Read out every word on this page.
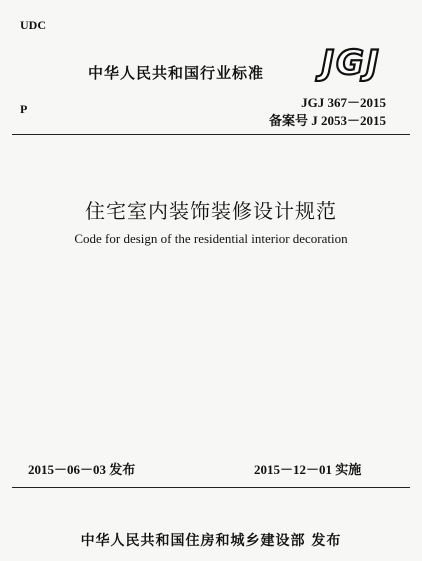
UDC
中华人民共和国行业标准 JGJ
P	JGJ 367－2015
备案号 J 2053－2015
住宅室内装饰装修设计规范
Code for design of the residential interior decoration
2015－06－03 发布	2015－12－01 实施
中华人民共和国住房和城乡建设部 发布
